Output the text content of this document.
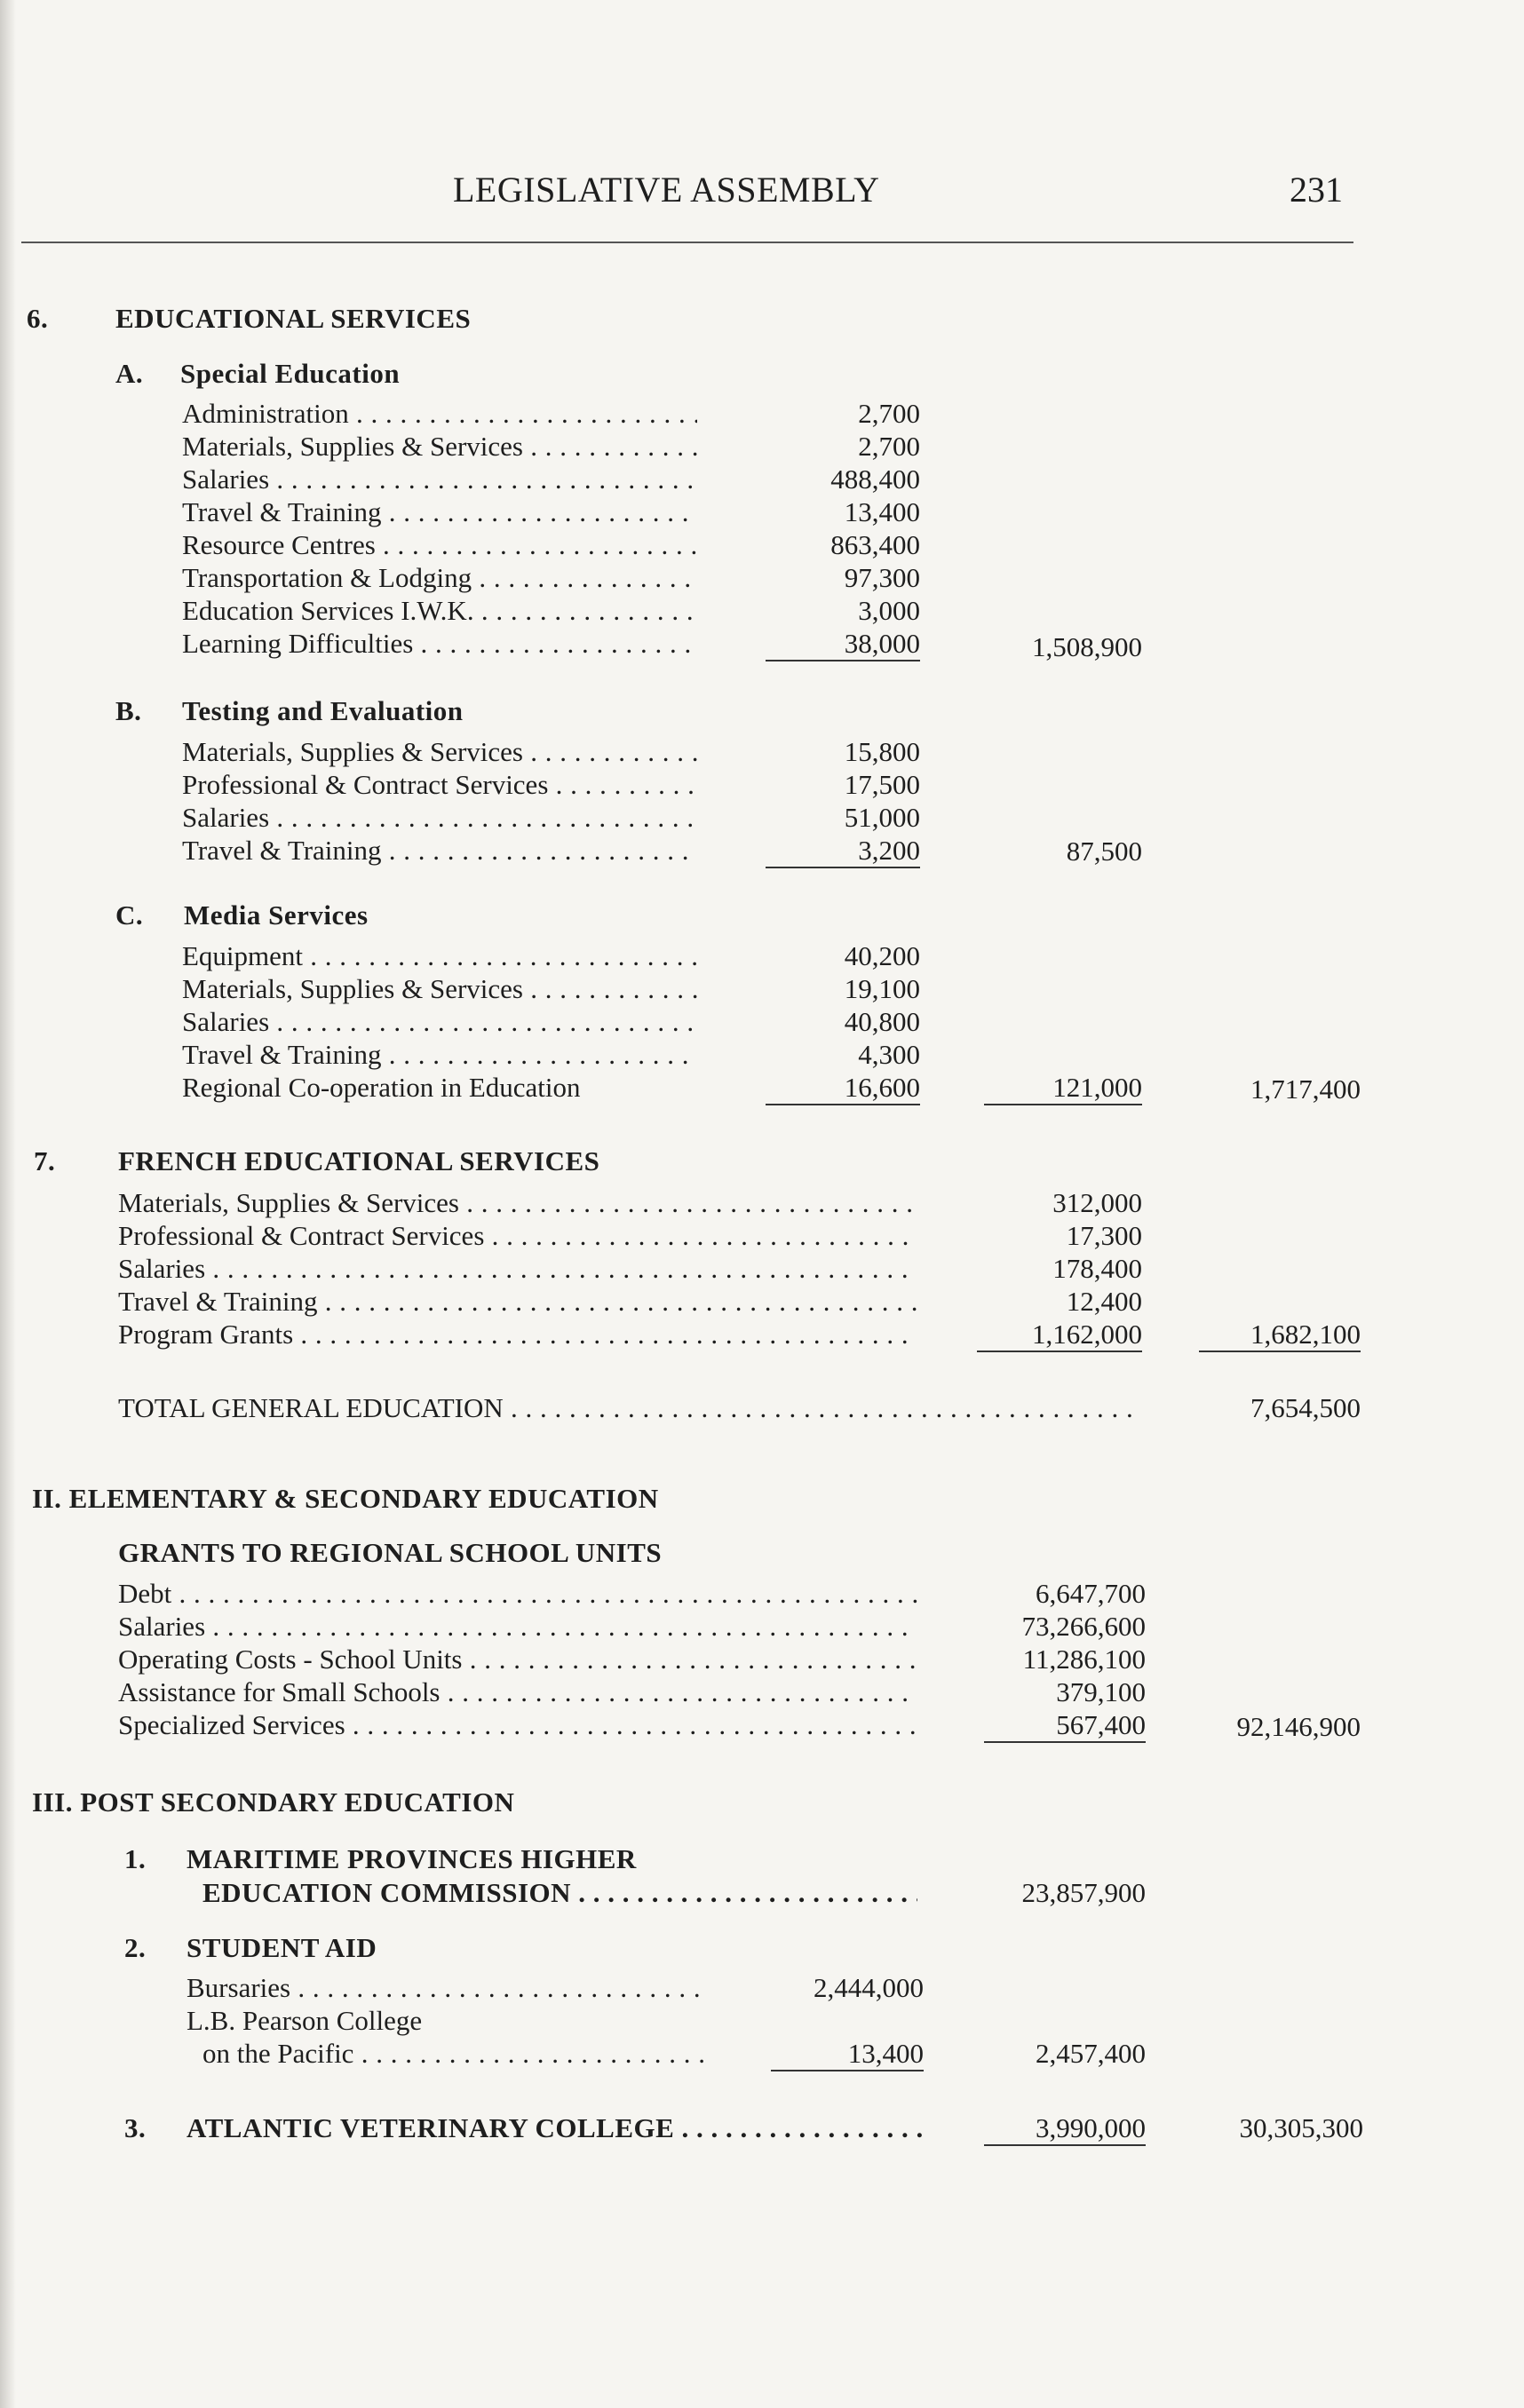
LEGISLATIVE ASSEMBLY	231
6. EDUCATIONAL SERVICES
A. Special Education
Administration . . .	2,700
Materials, Supplies & Services . . .	2,700
Salaries . . .	488,400
Travel & Training . . .	13,400
Resource Centres . . .	863,400
Transportation & Lodging . . .	97,300
Education Services I.W.K. . . .	3,000
Learning Difficulties . . .	38,000	1,508,900
B. Testing and Evaluation
Materials, Supplies & Services . . .	15,800
Professional & Contract Services . . .	17,500
Salaries . . .	51,000
Travel & Training . . .	3,200	87,500
C. Media Services
Equipment . . .	40,200
Materials, Supplies & Services . . .	19,100
Salaries . . .	40,800
Travel & Training . . .	4,300
Regional Co-operation in Education	16,600	121,000	1,717,400
7. FRENCH EDUCATIONAL SERVICES
Materials, Supplies & Services . . .	312,000
Professional & Contract Services . . .	17,300
Salaries . . .	178,400
Travel & Training . . .	12,400
Program Grants . . .	1,162,000	1,682,100
TOTAL GENERAL EDUCATION . . .	7,654,500
II. ELEMENTARY & SECONDARY EDUCATION
GRANTS TO REGIONAL SCHOOL UNITS
Debt . . .	6,647,700
Salaries . . .	73,266,600
Operating Costs - School Units . . .	11,286,100
Assistance for Small Schools . . .	379,100
Specialized Services . . .	567,400	92,146,900
III. POST SECONDARY EDUCATION
1. MARITIME PROVINCES HIGHER
EDUCATION COMMISSION . . .	23,857,900
2. STUDENT AID
Bursaries . . .	2,444,000
L.B. Pearson College
on the Pacific . . .	13,400	2,457,400
3. ATLANTIC VETERINARY COLLEGE . . .	3,990,000	30,305,300
